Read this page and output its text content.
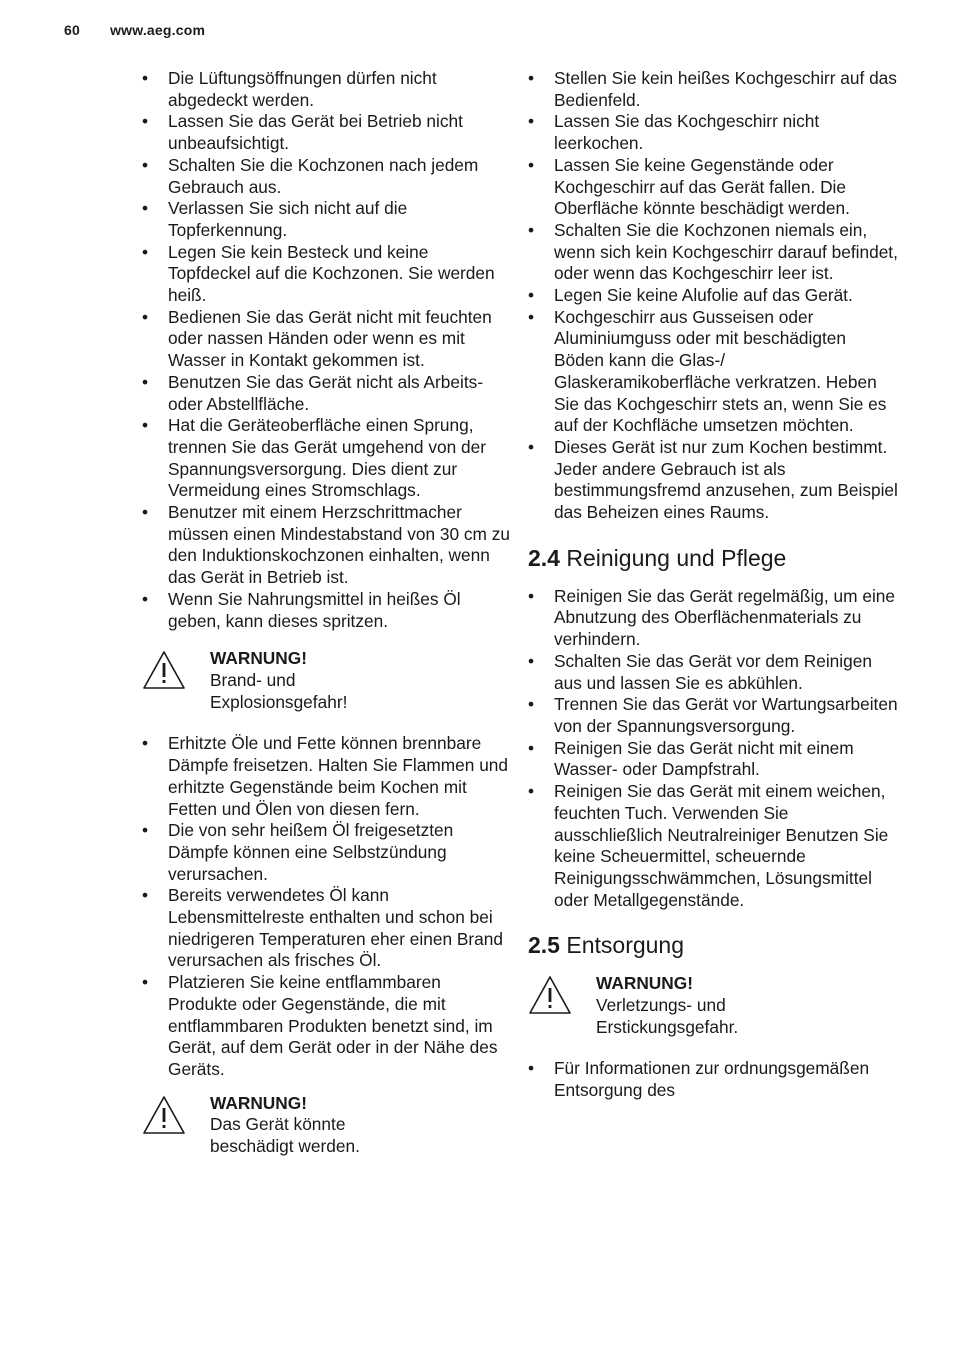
60 www.aeg.com
• Die Lüftungsöffnungen dürfen nicht abgedeckt werden.
• Lassen Sie das Gerät bei Betrieb nicht unbeaufsichtigt.
• Schalten Sie die Kochzonen nach jedem Gebrauch aus.
• Verlassen Sie sich nicht auf die Topferkennung.
• Legen Sie kein Besteck und keine Topfdeckel auf die Kochzonen. Sie werden heiß.
• Bedienen Sie das Gerät nicht mit feuchten oder nassen Händen oder wenn es mit Wasser in Kontakt gekommen ist.
• Benutzen Sie das Gerät nicht als Arbeits- oder Abstellfläche.
• Hat die Geräteoberfläche einen Sprung, trennen Sie das Gerät umgehend von der Spannungsversorgung. Dies dient zur Vermeidung eines Stromschlags.
• Benutzer mit einem Herzschrittmacher müssen einen Mindestabstand von 30 cm zu den Induktionskochzonen einhalten, wenn das Gerät in Betrieb ist.
• Wenn Sie Nahrungsmittel in heißes Öl geben, kann dieses spritzen.
WARNUNG!
Brand- und
Explosionsgefahr!
• Erhitzte Öle und Fette können brennbare Dämpfe freisetzen. Halten Sie Flammen und erhitzte Gegenstände beim Kochen mit Fetten und Ölen von diesen fern.
• Die von sehr heißem Öl freigesetzten Dämpfe können eine Selbstzündung verursachen.
• Bereits verwendetes Öl kann Lebensmittelreste enthalten und schon bei niedrigeren Temperaturen eher einen Brand verursachen als frisches Öl.
• Platzieren Sie keine entflammbaren Produkte oder Gegenstände, die mit entflammbaren Produkten benetzt sind, im Gerät, auf dem Gerät oder in der Nähe des Geräts.
WARNUNG!
Das Gerät könnte
beschädigt werden.
• Stellen Sie kein heißes Kochgeschirr auf das Bedienfeld.
• Lassen Sie das Kochgeschirr nicht leerkochen.
• Lassen Sie keine Gegenstände oder Kochgeschirr auf das Gerät fallen. Die Oberfläche könnte beschädigt werden.
• Schalten Sie die Kochzonen niemals ein, wenn sich kein Kochgeschirr darauf befindet, oder wenn das Kochgeschirr leer ist.
• Legen Sie keine Alufolie auf das Gerät.
• Kochgeschirr aus Gusseisen oder Aluminiumguss oder mit beschädigten Böden kann die Glas-/ Glaskeramikoberfläche verkratzen. Heben Sie das Kochgeschirr stets an, wenn Sie es auf der Kochfläche umsetzen möchten.
• Dieses Gerät ist nur zum Kochen bestimmt. Jeder andere Gebrauch ist als bestimmungsfremd anzusehen, zum Beispiel das Beheizen eines Raums.
2.4 Reinigung und Pflege
• Reinigen Sie das Gerät regelmäßig, um eine Abnutzung des Oberflächenmaterials zu verhindern.
• Schalten Sie das Gerät vor dem Reinigen aus und lassen Sie es abkühlen.
• Trennen Sie das Gerät vor Wartungsarbeiten von der Spannungsversorgung.
• Reinigen Sie das Gerät nicht mit einem Wasser- oder Dampfstrahl.
• Reinigen Sie das Gerät mit einem weichen, feuchten Tuch. Verwenden Sie ausschließlich Neutralreiniger Benutzen Sie keine Scheuermittel, scheuernde Reinigungsschwämmchen, Lösungsmittel oder Metallgegenstände.
2.5 Entsorgung
WARNUNG!
Verletzungs- und
Erstickungsgefahr.
• Für Informationen zur ordnungsgemäßen Entsorgung des
